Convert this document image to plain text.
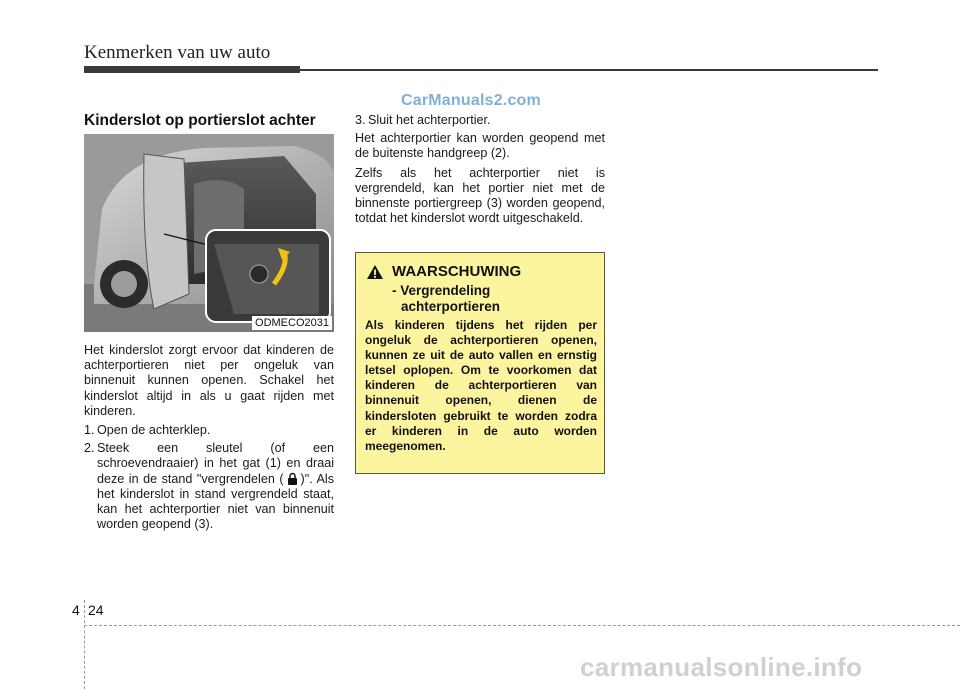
Kenmerken van uw auto
CarManuals2.com
Kinderslot op portierslot achter
ODMECO2031

Het kinderslot zorgt ervoor dat kinderen de achterportieren niet per ongeluk van binnenuit kunnen openen. Schakel het kinderslot altijd in als u gaat rijden met kinderen.

1. Open de achterklep.
2. Steek een sleutel (of een schroevendraaier) in het gat (1) en draai deze in de stand "vergrendelen ( )". Als het kinderslot in stand vergrendeld staat, kan het achterportier niet van binnenuit worden geopend (3).
3. Sluit het achterportier.

Het achterportier kan worden geopend met de buitenste handgreep (2).

Zelfs als het achterportier niet is vergrendeld, kan het portier niet met de binnenste portiergreep (3) worden geopend, totdat het kinderslot wordt uitgeschakeld.

WAARSCHUWING
- Vergrendeling
achterportieren
Als kinderen tijdens het rijden per ongeluk de achterportieren openen, kunnen ze uit de auto vallen en ernstig letsel oplopen. Om te voorkomen dat kinderen de achterportieren van binnenuit openen, dienen de kindersloten gebruikt te worden zodra er kinderen in de auto worden meegenomen.
4 24
carmanualsonline.info
